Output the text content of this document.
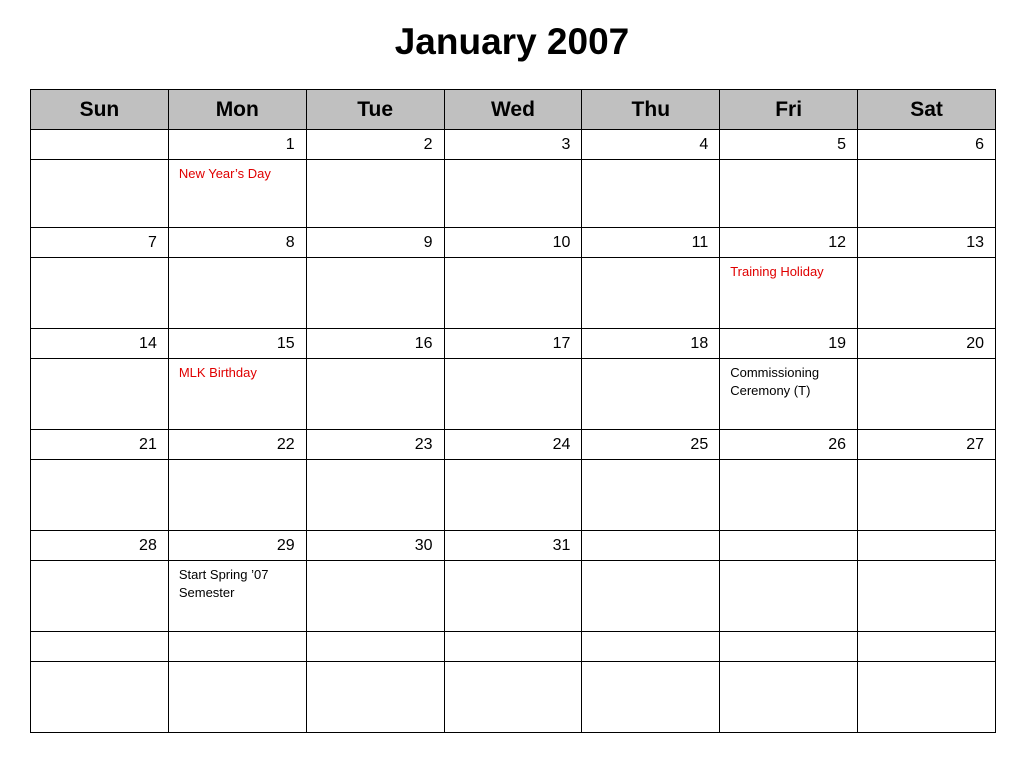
January 2007
Sun	Mon	Tue	Wed	Thu	Fri	Sat
	1	2	3	4	5	6

	New Year’s Day					

7	8	9	10	11	12	13

					Training Holiday	

14	15	16	17	18	19	20

	MLK Birthday				Commissioning Ceremony (T)	

21	22	23	24	25	26	27

28	29	30	31			

	Start Spring ’07 Semester					
